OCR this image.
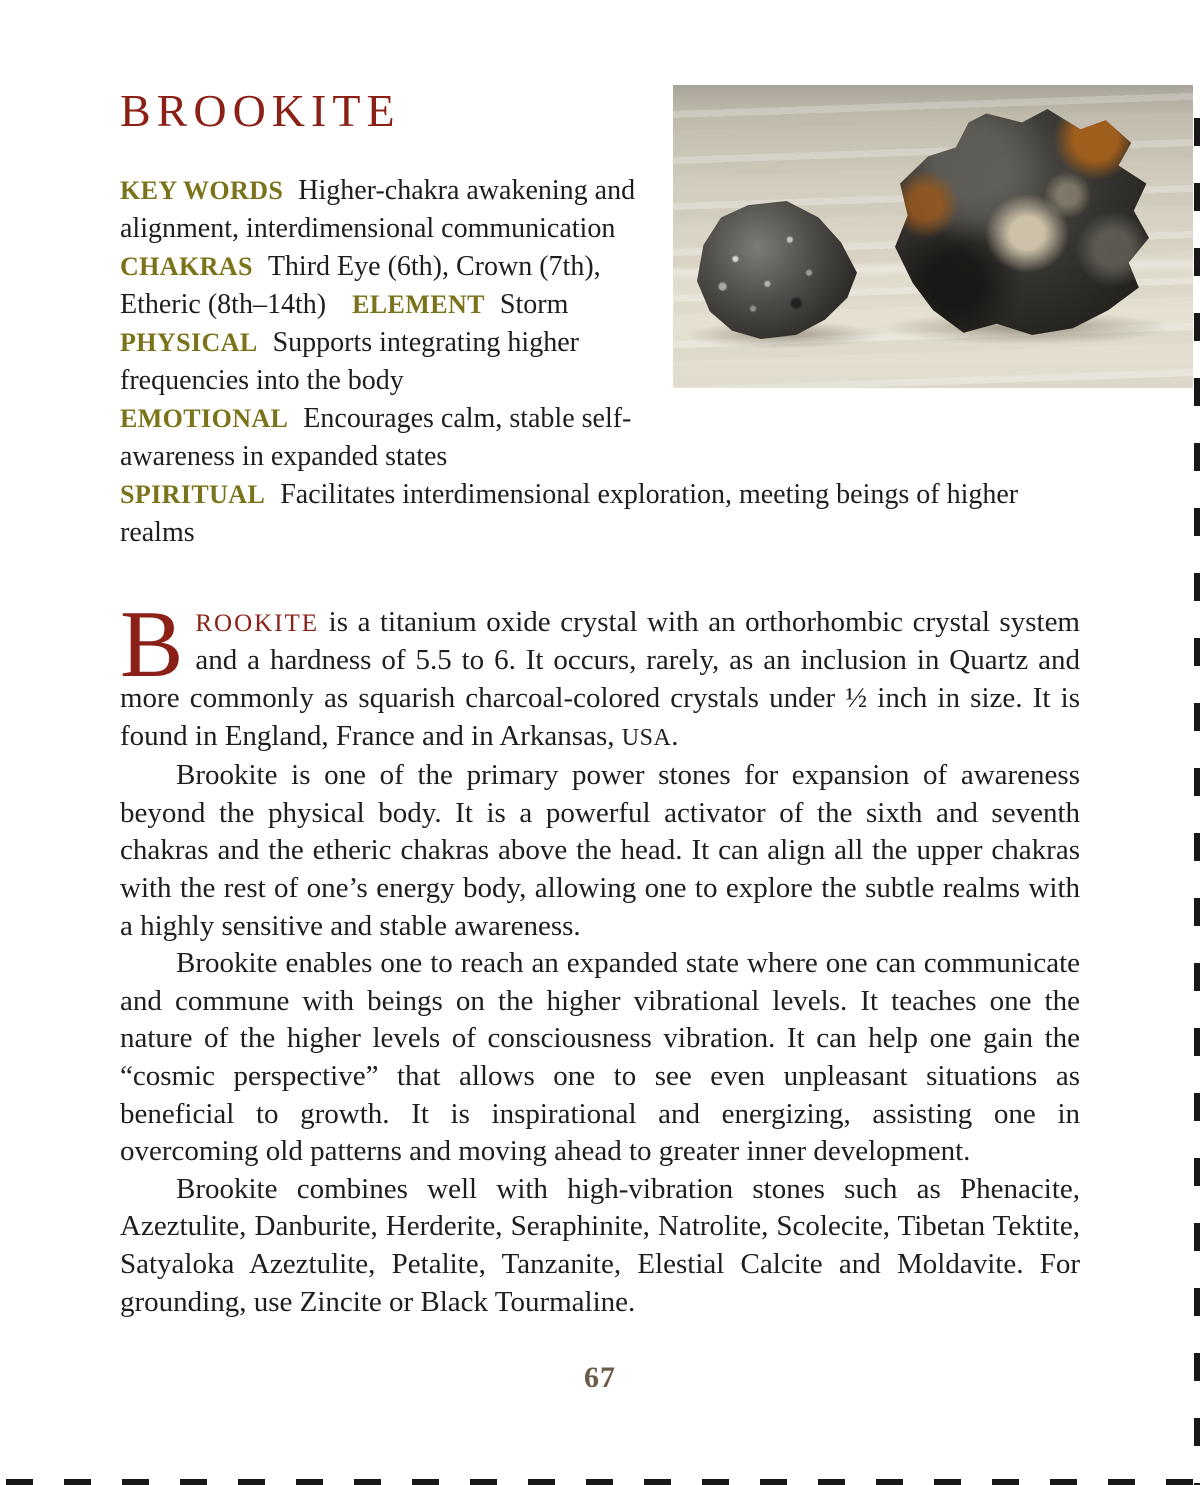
BROOKITE
KEY WORDS Higher-chakra awakening and
alignment, interdimensional communication
CHAKRAS Third Eye (6th), Crown (7th),
Etheric (8th–14th) ELEMENT Storm
PHYSICAL Supports integrating higher frequencies into the body
EMOTIONAL Encourages calm, stable self-awareness in expanded states
SPIRITUAL Facilitates interdimensional exploration, meeting beings of higher realms

BROOKITE is a titanium oxide crystal with an orthorhombic crystal system and a hardness of 5.5 to 6. It occurs, rarely, as an inclusion in Quartz and more commonly as squarish charcoal-colored crystals under ½ inch in size. It is found in England, France and in Arkansas, USA.

Brookite is one of the primary power stones for expansion of awareness beyond the physical body. It is a powerful activator of the sixth and seventh chakras and the etheric chakras above the head. It can align all the upper chakras with the rest of one’s energy body, allowing one to explore the subtle realms with a highly sensitive and stable awareness.

Brookite enables one to reach an expanded state where one can communicate and commune with beings on the higher vibrational levels. It teaches one the nature of the higher levels of consciousness vibration. It can help one gain the “cosmic perspective” that allows one to see even unpleasant situations as beneficial to growth. It is inspirational and energizing, assisting one in overcoming old patterns and moving ahead to greater inner development.

Brookite combines well with high-vibration stones such as Phenacite, Azeztulite, Danburite, Herderite, Seraphinite, Natrolite, Scolecite, Tibetan Tektite, Satyaloka Azeztulite, Petalite, Tanzanite, Elestial Calcite and Moldavite. For grounding, use Zincite or Black Tourmaline.

67
